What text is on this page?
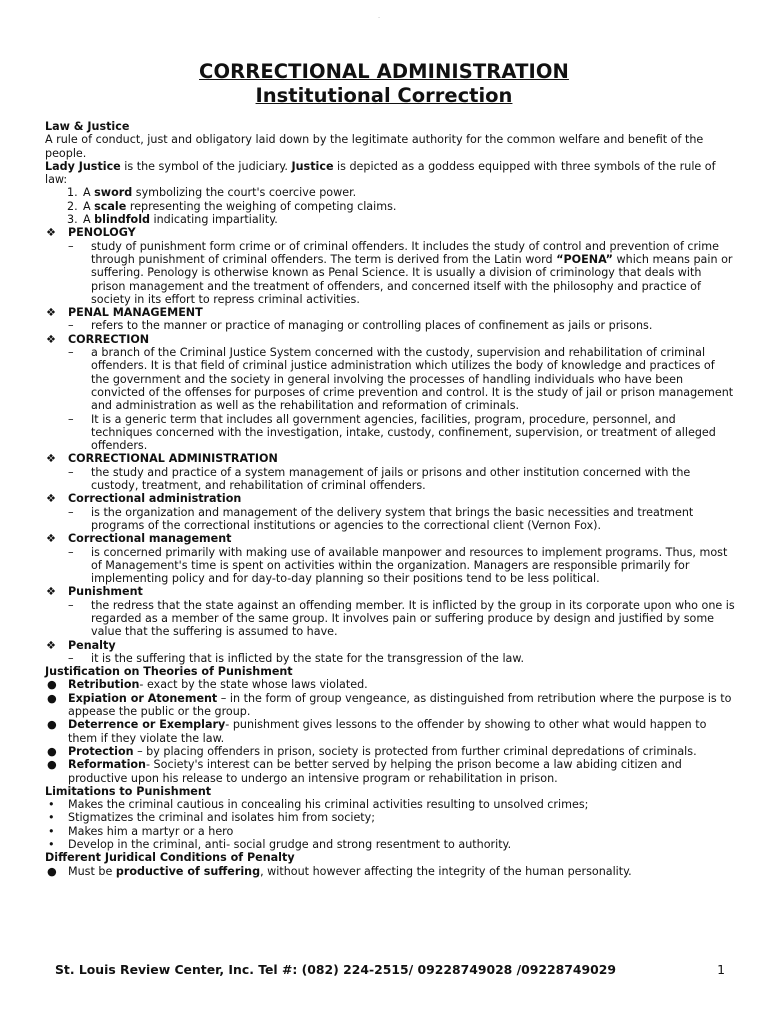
-
CORRECTIONAL ADMINISTRATION
Institutional Correction

Law & Justice

A rule of conduct, just and obligatory laid down by the legitimate authority for the common welfare and benefit of the people.

Lady Justice is the symbol of the judiciary. Justice is depicted as a goddess equipped with three symbols of the rule of law:

1. A sword symbolizing the court's coercive power.
2. A scale representing the weighing of competing claims.
3. A blindfold indicating impartiality.
❖ PENOLOGY
– study of punishment form crime or of criminal offenders. It includes the study of control and prevention of crime through punishment of criminal offenders. The term is derived from the Latin word “POENA” which means pain or suffering. Penology is otherwise known as Penal Science. It is usually a division of criminology that deals with prison management and the treatment of offenders, and concerned itself with the philosophy and practice of society in its effort to repress criminal activities.
❖ PENAL MANAGEMENT
– refers to the manner or practice of managing or controlling places of confinement as jails or prisons.
❖ CORRECTION
– a branch of the Criminal Justice System concerned with the custody, supervision and rehabilitation of criminal offenders. It is that field of criminal justice administration which utilizes the body of knowledge and practices of the government and the society in general involving the processes of handling individuals who have been convicted of the offenses for purposes of crime prevention and control. It is the study of jail or prison management and administration as well as the rehabilitation and reformation of criminals.
– It is a generic term that includes all government agencies, facilities, program, procedure, personnel, and techniques concerned with the investigation, intake, custody, confinement, supervision, or treatment of alleged offenders.
❖ CORRECTIONAL ADMINISTRATION
– the study and practice of a system management of jails or prisons and other institution concerned with the custody, treatment, and rehabilitation of criminal offenders.
❖ Correctional administration
– is the organization and management of the delivery system that brings the basic necessities and treatment programs of the correctional institutions or agencies to the correctional client (Vernon Fox).
❖ Correctional management
– is concerned primarily with making use of available manpower and resources to implement programs. Thus, most of Management's time is spent on activities within the organization. Managers are responsible primarily for implementing policy and for day-to-day planning so their positions tend to be less political.
❖ Punishment
– the redress that the state against an offending member. It is inflicted by the group in its corporate upon who one is regarded as a member of the same group. It involves pain or suffering produce by design and justified by some value that the suffering is assumed to have.
❖ Penalty
– it is the suffering that is inflicted by the state for the transgression of the law.

Justification on Theories of Punishment

● Retribution- exact by the state whose laws violated.
● Expiation or Atonement – in the form of group vengeance, as distinguished from retribution where the purpose is to appease the public or the group.
● Deterrence or Exemplary- punishment gives lessons to the offender by showing to other what would happen to them if they violate the law.
● Protection – by placing offenders in prison, society is protected from further criminal depredations of criminals.
● Reformation- Society's interest can be better served by helping the prison become a law abiding citizen and productive upon his release to undergo an intensive program or rehabilitation in prison.

Limitations to Punishment

• Makes the criminal cautious in concealing his criminal activities resulting to unsolved crimes;
• Stigmatizes the criminal and isolates him from society;
• Makes him a martyr or a hero
• Develop in the criminal, anti- social grudge and strong resentment to authority.

Different Juridical Conditions of Penalty

● Must be productive of suffering, without however affecting the integrity of the human personality.
St. Louis Review Center, Inc. Tel #: (082) 224-2515/ 09228749028 /09228749029	1
